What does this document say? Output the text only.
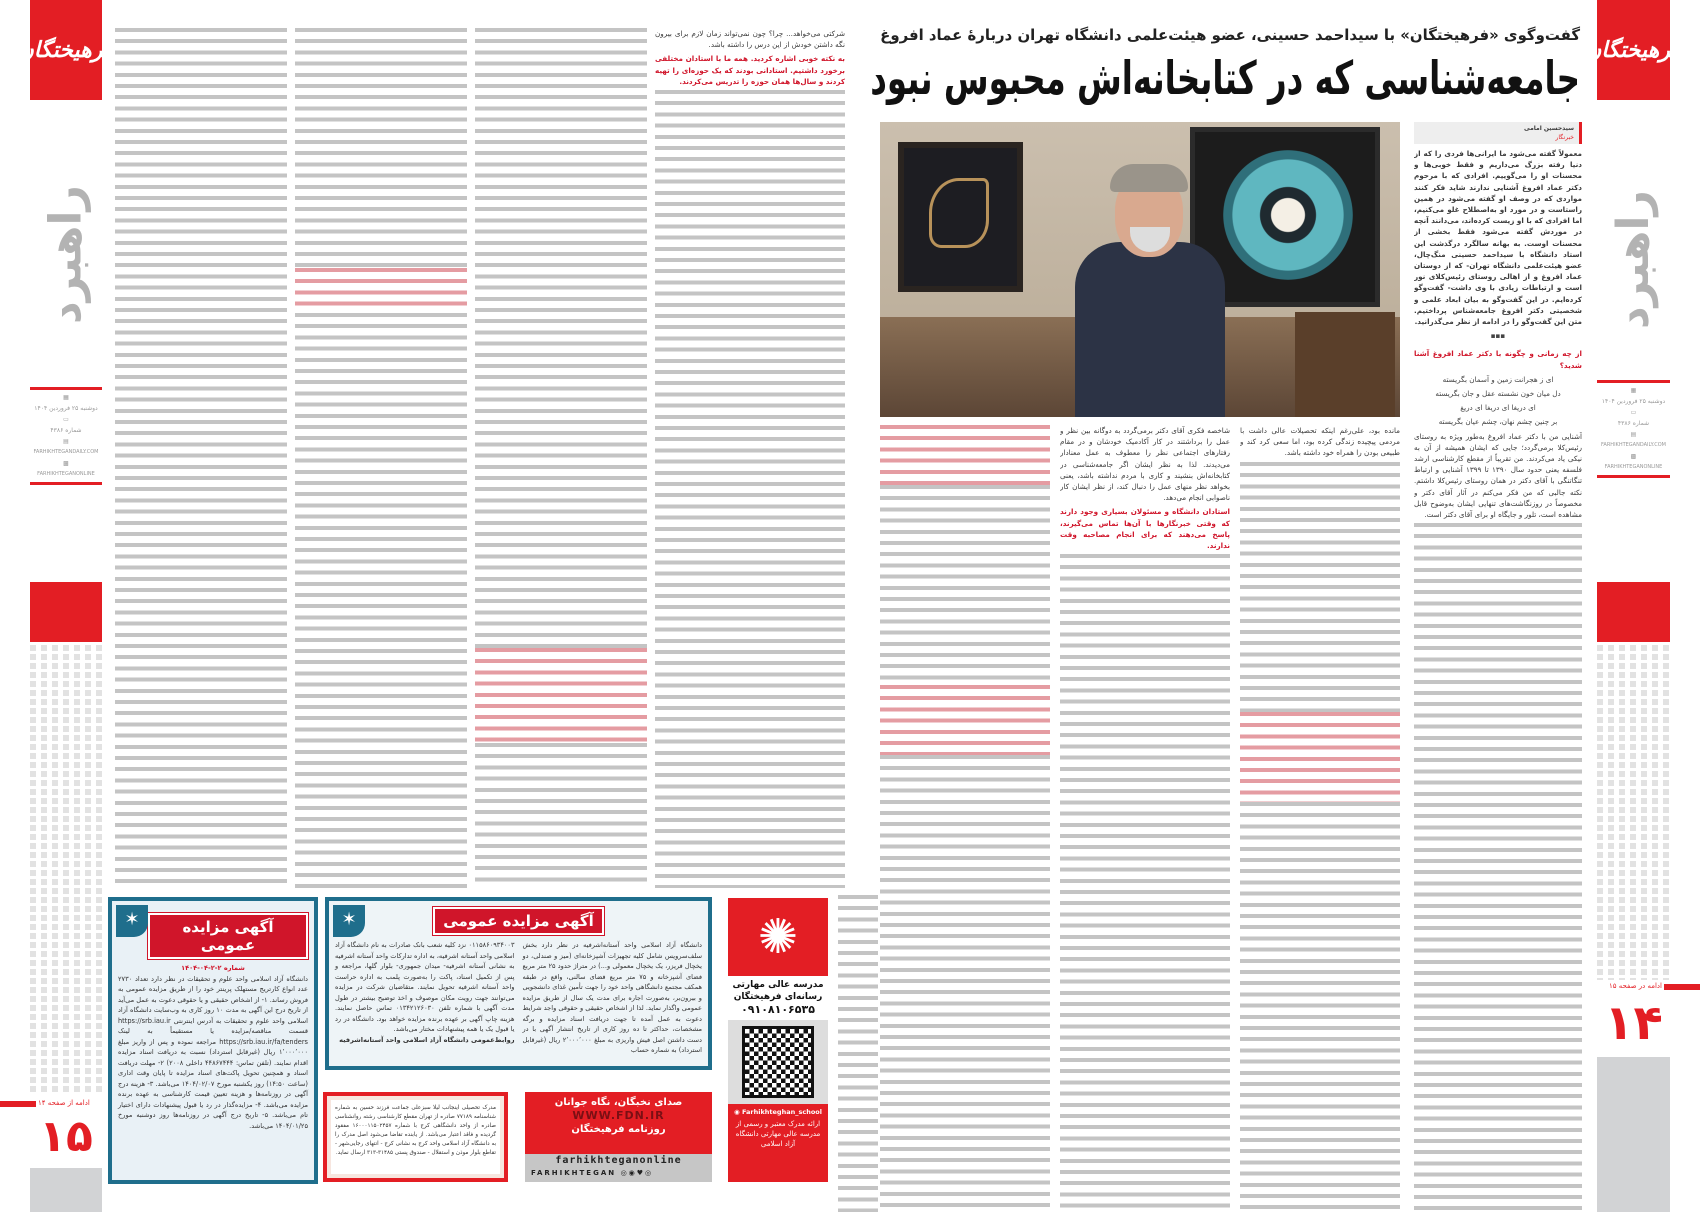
فرهیختگان
راهبرد
▦
دوشنبه ۲۵ فروردین ۱۴۰۴
▭
شماره ۴۳۸۶
▤
FARHIKHTEGANDAILY.COM
▩
FARHIKHTEGANONLINE
ادامه در صفحه ۱۵
۱۴
فرهیختگان
راهبرد
▦
دوشنبه ۲۵ فروردین ۱۴۰۴
▭
شماره ۴۳۸۶
▤
FARHIKHTEGANDAILY.COM
▩
FARHIKHTEGANONLINE
ادامه از صفحه ۱۴
۱۵
گفت‌وگوی «فرهیختگان» با سیداحمد حسینی، عضو هیئت‌علمی دانشگاه تهران دربارهٔ عماد افروغ
جامعه‌شناسی که در کتابخانه‌اش محبوس نبود
سیدحسین امامی
خبرنگار

معمولاً گفته می‌شود ما ایرانی‌ها فردی را که از دنیا رفته بزرگ می‌داریم و فقط خوبی‌ها و محسنات او را می‌گوییم. افرادی که با مرحوم دکتر عماد افروغ آشنایی ندارند شاید فکر کنند مواردی که در وصف او گفته می‌شود در همین راستاست و در مورد او به‌اصطلاح غلو می‌کنیم، اما افرادی که با او زیست کرده‌اند، می‌دانند آنچه در موردش گفته می‌شود فقط بخشی از محسنات اوست. به بهانه سالگرد درگذشت این استاد دانشگاه با سیداحمد حسینی منگ‌چال، عضو هیئت‌علمی دانشگاه تهران- که از دوستان عماد افروغ و از اهالی روستای رئیس‌کلای نور است و ارتباطات زیادی با وی داشت- گفت‌وگو کرده‌ایم. در این گفت‌وگو به بیان ابعاد علمی و شخصیتی دکتر افروغ جامعه‌شناس پرداختیم. متن این گفت‌وگو را در ادامه از نظر می‌گذرانید.

▪▪▪

از چه زمانی و چگونه با دکتر عماد افروغ آشنا شدید؟

ای ز هجرانت زمین و آسمان بگریسته

دل میان خون نشسته عقل و جان بگریسته

ای دریغا ای دریغا ای دریغ

بر چنین چشم نهان، چشم عیان بگریسته

آشنایی من با دکتر عماد افروغ به‌طور ویژه به روستای رئیس‌کلا برمی‌گردد؛ جایی که ایشان همیشه از آن به نیکی یاد می‌کردند. من تقریباً از مقطع کارشناسی ارشد فلسفه یعنی حدود سال ۱۳۹۰ تا ۱۳۹۹ آشنایی و ارتباط تنگاتنگی با آقای دکتر در همان روستای رئیس‌کلا داشتم. نکته جالبی که من فکر می‌کنم در آثار آقای دکتر و مخصوصاً در روزنگاشت‌های تنهایی ایشان به‌وضوح قابل مشاهده است، تلور و جایگاه او برای آقای دکتر است.

مانده بود، علی‌رغم اینکه تحصیلات عالی داشت با مردمی پیچیده زندگی کرده بود، اما سعی کرد کند و طبیعی بودن را همراه خود داشته باشد.

شاخصه فکری آقای دکتر برمی‌گردد به دوگانه بین نظر و عمل را برداشتند در کار آکادمیک خودشان و در مقام رفتارهای اجتماعی نظر را معطوف به عمل معنادار می‌دیدند. لذا به نظر ایشان اگر جامعه‌شناسی در کتابخانه‌اش بنشیند و کاری با مردم نداشته باشد، یعنی بخواهد نظر منهای عمل را دنبال کند، از نظر ایشان کار ناصوابی انجام می‌دهد.

استادان دانشگاه و مسئولان بسیاری وجود دارند که وقتی خبرنگارها با آن‌ها تماس می‌گیرند، پاسخ می‌دهند که برای انجام مصاحبه وقت ندارند.

شرکتی می‌خواهد... چرا؟ چون نمی‌تواند زمان لازم برای بیرون نگه داشتن خودش از این درس را داشته باشد.

به نکته خوبی اشاره کردید. همه ما با استادان مختلفی برخورد داشتیم. استادانی بودند که یک حوزه‌ای را تهیه کردند و سال‌ها همان حوزه را تدریس می‌کردند.

✶	آگهی مزایده عمومی
شماره ۲-۲-۰۴-۱۴۰۴
دانشگاه آزاد اسلامی واحد علوم و تحقیقات در نظر دارد تعداد ۲۷۳۰ عدد انواع کارتریج مستهلک پرینتر خود را از طریق مزایده عمومی به فروش رساند. ۱- از اشخاص حقیقی و یا حقوقی دعوت به عمل می‌آید از تاریخ درج این آگهی به مدت ۱۰ روز کاری به وب‌سایت دانشگاه آزاد اسلامی واحد علوم و تحقیقات به آدرس اینترنتی https://srb.iau.ir قسمت مناقصه/مزایده یا مستقیماً به لینک https://srb.iau.ir/fa/tenders مراجعه نموده و پس از واریز مبلغ ۱٬۰۰۰٬۰۰۰ ریال (غیرقابل استرداد) نسبت به دریافت اسناد مزایده اقدام نمایند. (تلفن تماس: ۴۴۸۶۷۴۴۴ داخلی ۲۰۰۸) ۲- مهلت دریافت اسناد و همچنین تحویل پاکت‌های اسناد مزایده تا پایان وقت اداری (ساعت ۱۴:۵۰) روز یکشنبه مورخ ۱۴۰۴/۰۲/۰۷ می‌باشد. ۳- هزینه درج آگهی در روزنامه‌ها و هزینه تعیین قیمت کارشناسی به عهده برنده مزایده می‌باشد. ۴- مزایده‌گذار در رد یا قبول پیشنهادات دارای اختیار تام می‌باشد. ۵- تاریخ درج آگهی در روزنامه‌ها روز دوشنبه مورخ ۱۴۰۴/۰۱/۲۵ می‌باشد.
✶	آگهی مزایده عمومی
دانشگاه آزاد اسلامی واحد آستانه‌اشرفیه در نظر دارد بخش سلف‌سرویس شامل کلیه تجهیزات آشپزخانه‌ای (میز و صندلی، دو یخچال فریزر، یک یخچال معمولی و...) در متراژ حدود ۲۵ متر مربع فضای آشپزخانه و ۷۵ متر مربع فضای سالنی، واقع در طبقه همکف مجتمع دانشگاهی واحد خود را جهت تأمین غذای دانشجویی و بیرون‌بر، به‌صورت اجاره برای مدت یک سال از طریق مزایده عمومی واگذار نماید. لذا از اشخاص حقیقی و حقوقی واجد شرایط دعوت به عمل آمده تا جهت دریافت اسناد مزایده و برگه مشخصات، حداکثر تا ده روز کاری از تاریخ انتشار آگهی با در دست داشتن اصل فیش واریزی به مبلغ ۲٬۰۰۰٬۰۰۰ ریال (غیرقابل استرداد) به شماره حساب
۰۱۱۵۸۶۰۹۳۴۰۰۳ نزد کلیه شعب بانک صادرات به نام دانشگاه آزاد اسلامی واحد آستانه اشرفیه، به اداره تدارکات واحد آستانه اشرفیه به نشانی آستانه اشرفیه- میدان جمهوری- بلوار گلها، مراجعه و پس از تکمیل اسناد، پاکت را به‌صورت پلمب به اداره حراست واحد آستانه اشرفیه تحویل نمایند. متقاضیان شرکت در مزایده می‌توانند جهت رویت مکان موصوف و اخذ توضیح بیشتر در طول مدت آگهی با شماره تلفن ۰۱۳۴۲۱۲۶۰۳۰ تماس حاصل نمایند. هزینه چاپ آگهی بر عهده برنده مزایده خواهد بود. دانشگاه در رد یا قبول یک یا همه پیشنهادات مختار می‌باشد.
روابط‌عمومی دانشگاه آزاد اسلامی واحد آستانه‌اشرفیه
مدرک تحصیلی اینجانب لیلا سبزعلی جماعت فرزند حسین به شماره شناسنامه ۷۷۱۸۹ صادره از تهران مقطع کارشناسی رشته روانشناسی صادره از واحد دانشگاهی کرج با شماره ۱۶۰۰۰۱۱۵۰۲۴۵۷ مفقود گردیده و فاقد اعتبار می‌باشد. از یابنده تقاضا می‌شود اصل مدرک را به دانشگاه آزاد اسلامی واحد کرج به نشانی کرج - انتهای رجایی‌شهر - تقاطع بلوار موذن و استقلال - صندوق پستی ۳۱۴۸۵-۳۱۳ ارسال نماید.
صدای نخبگان، نگاه جوانان
WWW.FDN.IR
روزنامه فرهیختگان
farhikhteganonline
FARHIKHTEGAN ◎◉♥◎
✺
مدرسه عالی مهارتی
رسانه‌ای فرهیختگان
۰۹۱۰۸۱۰۶۵۳۵
◉ Farhikhteghan_school
ارائه مدرک معتبر و رسمی از مدرسه عالی مهارتی دانشگاه آزاد اسلامی
